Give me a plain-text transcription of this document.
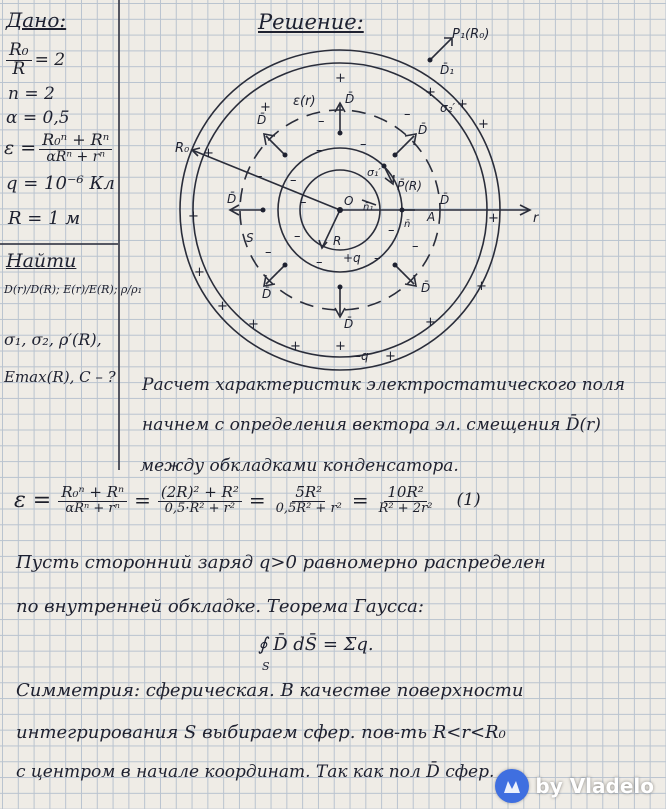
Дано:
$\frac{\text{R₀}}{R} = 2$
n = 2
α = 0,5
$\varepsilon = \frac{\text{R₀ⁿ + Rⁿ}}{\text{αRⁿ + rⁿ}}$
q = 10⁻⁶ Кл
R = 1 м
Найти
D(r)/D(R); E(r)/E(R); ρ/ρ₁
σ₁, σ₂, ρ′(R),
Emax(R), C – ?
Решение:
+
+
+
+
+
+
+
+
+
+
+
+
+
+
+
+
–
–
–
–
–	–
–
–
–
–
–
–
–
P₁(R₀)
D̄₁
σ₂′
ε(r) D̄
D̄
D̄
D̄
D̄	D̄
D̄
D̄
R₀
σ₁′
P̄(R)
n̄₁
n̄
O
A	r
R
S
+q
–q
Расчет характеристик электростатического поля
начнем с определения вектора эл. смещения D̄(r)
между обкладками конденсатора.
$\varepsilon = \frac{\text{R₀ⁿ + Rⁿ}}{\text{αRⁿ + rⁿ}} = \frac{\text{(2R)² + R²}}{\text{0,5·R² + r²}} = \frac{\text{5R²}}{\text{0,5R² + r²}} = \frac{\text{10R²}}{\text{R² + 2r²}} (1)$
Пусть сторонний заряд q>0 равномерно распределен
по внутренней обкладке. Теорема Гаусса:
∮ D̄ dS̄ = Σq.
S
Симметрия: сферическая. В качестве поверхности
интегрирования S выбираем сфер. пов-ть R<r<R₀
с центром в начале координат. Так как пол D̄ сфер.
by Vladelo
